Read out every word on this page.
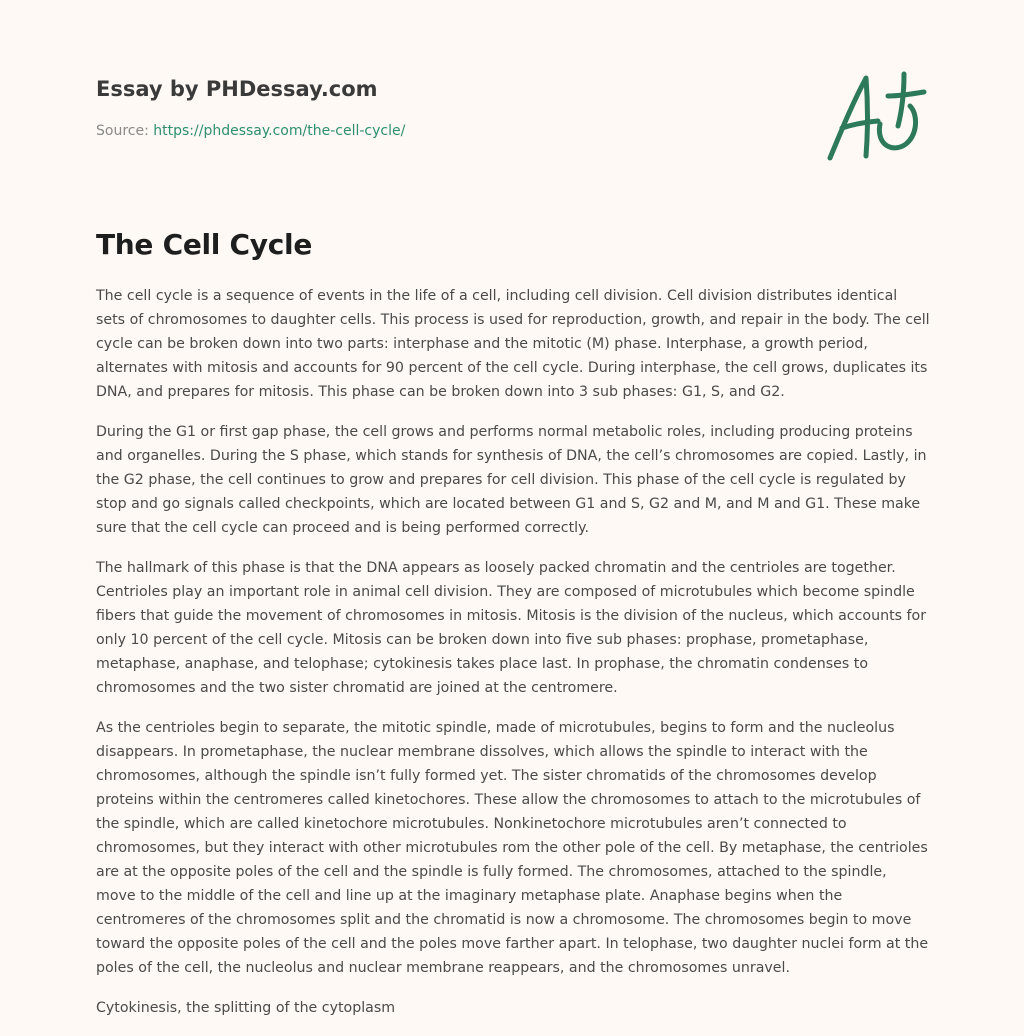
Essay by PHDessay.com
Source: https://phdessay.com/the-cell-cycle/
The Cell Cycle

The cell cycle is a sequence of events in the life of a cell, including cell division. Cell division distributes identical sets of chromosomes to daughter cells. This process is used for reproduction, growth, and repair in the body. The cell cycle can be broken down into two parts: interphase and the mitotic (M) phase. Interphase, a growth period, alternates with mitosis and accounts for 90 percent of the cell cycle. During interphase, the cell grows, duplicates its DNA, and prepares for mitosis. This phase can be broken down into 3 sub phases: G1, S, and G2.

During the G1 or first gap phase, the cell grows and performs normal metabolic roles, including producing proteins and organelles. During the S phase, which stands for synthesis of DNA, the cell’s chromosomes are copied. Lastly, in the G2 phase, the cell continues to grow and prepares for cell division. This phase of the cell cycle is regulated by stop and go signals called checkpoints, which are located between G1 and S, G2 and M, and M and G1. These make sure that the cell cycle can proceed and is being performed correctly.

The hallmark of this phase is that the DNA appears as loosely packed chromatin and the centrioles are together. Centrioles play an important role in animal cell division. They are composed of microtubules which become spindle fibers that guide the movement of chromosomes in mitosis. Mitosis is the division of the nucleus, which accounts for only 10 percent of the cell cycle. Mitosis can be broken down into five sub phases: prophase, prometaphase, metaphase, anaphase, and telophase; cytokinesis takes place last. In prophase, the chromatin condenses to chromosomes and the two sister chromatid are joined at the centromere.

As the centrioles begin to separate, the mitotic spindle, made of microtubules, begins to form and the nucleolus disappears. In prometaphase, the nuclear membrane dissolves, which allows the spindle to interact with the chromosomes, although the spindle isn’t fully formed yet. The sister chromatids of the chromosomes develop proteins within the centromeres called kinetochores. These allow the chromosomes to attach to the microtubules of the spindle, which are called kinetochore microtubules. Nonkinetochore microtubules aren’t connected to chromosomes, but they interact with other microtubules rom the other pole of the cell. By metaphase, the centrioles are at the opposite poles of the cell and the spindle is fully formed. The chromosomes, attached to the spindle, move to the middle of the cell and line up at the imaginary metaphase plate. Anaphase begins when the centromeres of the chromosomes split and the chromatid is now a chromosome. The chromosomes begin to move toward the opposite poles of the cell and the poles move farther apart. In telophase, two daughter nuclei form at the poles of the cell, the nucleolus and nuclear membrane reappears, and the chromosomes unravel.

Cytokinesis, the splitting of the cytoplasm
